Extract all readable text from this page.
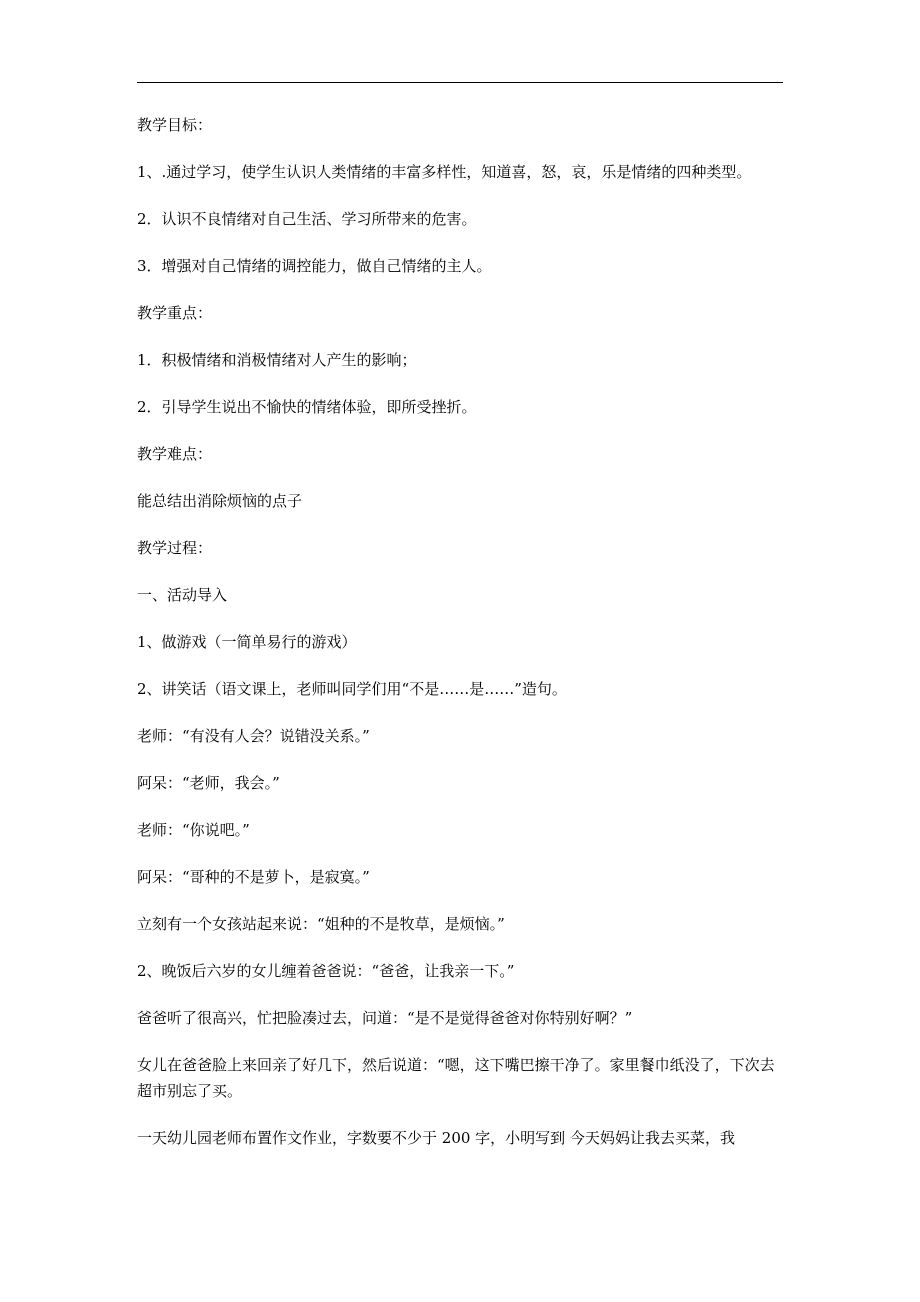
教学目标：

1、.通过学习，使学生认识人类情绪的丰富多样性，知道喜，怒，哀，乐是情绪的四种类型。

2．认识不良情绪对自己生活、学习所带来的危害。

3．增强对自己情绪的调控能力，做自己情绪的主人。

教学重点：

1．积极情绪和消极情绪对人产生的影响；

2．引导学生说出不愉快的情绪体验，即所受挫折。

教学难点：

能总结出消除烦恼的点子

教学过程：

一、活动导入

1、做游戏（一简单易行的游戏）

2、讲笑话（语文课上，老师叫同学们用“不是……是……”造句。

老师：“有没有人会？说错没关系。”

阿呆：“老师，我会。”

老师：“你说吧。”

阿呆：“哥种的不是萝卜，是寂寞。”

立刻有一个女孩站起来说：“姐种的不是牧草，是烦恼。”

2、晚饭后六岁的女儿缠着爸爸说：“爸爸，让我亲一下。”

爸爸听了很高兴，忙把脸凑过去，问道：“是不是觉得爸爸对你特别好啊？”

女儿在爸爸脸上来回亲了好几下，然后说道：“嗯，这下嘴巴擦干净了。家里餐巾纸没了，下次去超市别忘了买。

一天幼儿园老师布置作文作业，字数要不少于 200 字，小明写到 今天妈妈让我去买菜，我
